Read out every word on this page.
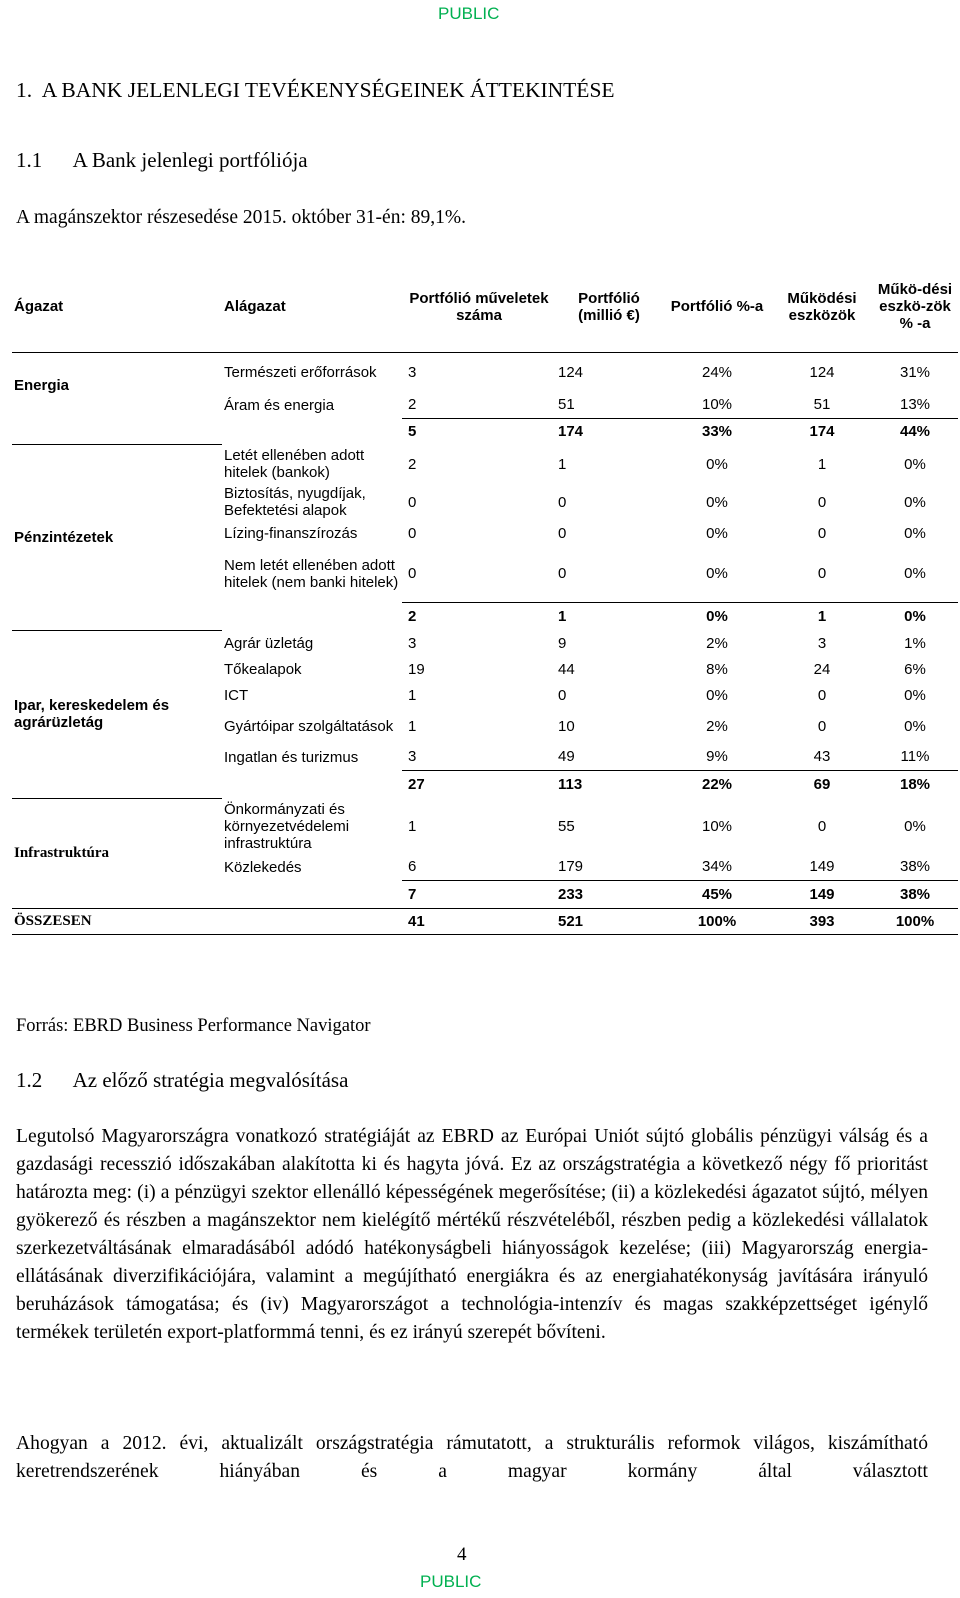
PUBLIC
1.  A BANK JELENLEGI TEVÉKENYSÉGEINEK ÁTTEKINTÉSE
1.1      A Bank jelenlegi portfóliója
A magánszektor részesedése 2015. október 31-én: 89,1%.
Ágazat	Alágazat	Portfólió műveletek száma	Portfólió (millió €)	Portfólió %-a	Működési eszközök	Műkö-dési eszkö-zök % -a
Energia	Természeti erőforrások	3	124	24%	124	31%
	Áram és energia	2	51	10%	51	13%
		5	174	33%	174	44%
Pénzintézetek	Letét ellenében adott hitelek (bankok)	2	1	0%	1	0%
	Biztosítás, nyugdíjak, Befektetési alapok	0	0	0%	0	0%
	Lízing-finanszírozás	0	0	0%	0	0%
	Nem letét ellenében adott hitelek (nem banki hitelek)	0	0	0%	0	0%
		2	1	0%	1	0%
Ipar, kereskedelem és agrárüzletág	Agrár üzletág	3	9	2%	3	1%
	Tőkealapok	19	44	8%	24	6%
	ICT	1	0	0%	0	0%
	Gyártóipar szolgáltatások	1	10	2%	0	0%
	Ingatlan és turizmus	3	49	9%	43	11%
		27	113	22%	69	18%
Infrastruktúra	Önkormányzati és környezetvédelemi infrastruktúra	1	55	10%	0	0%
	Közlekedés	6	179	34%	149	38%
		7	233	45%	149	38%
ÖSSZESEN		41	521	100%	393	100%
Forrás: EBRD Business Performance Navigator
1.2      Az előző stratégia megvalósítása
Legutolsó Magyarországra vonatkozó stratégiáját az EBRD az Európai Uniót sújtó globális pénzügyi válság és a gazdasági recesszió időszakában alakította ki és hagyta jóvá. Ez az országstratégia a következő négy fő prioritást határozta meg: (i) a pénzügyi szektor ellenálló képességének megerősítése; (ii) a közlekedési ágazatot sújtó, mélyen gyökerező és részben a magánszektor nem kielégítő mértékű részvételéből, részben pedig a közlekedési vállalatok szerkezetváltásának elmaradásából adódó hatékonyságbeli hiányosságok kezelése; (iii) Magyarország energia-ellátásának diverzifikációjára, valamint a megújítható energiákra és az energiahatékonyság javítására irányuló beruházások támogatása; és (iv) Magyarországot a technológia-intenzív és magas szakképzettséget igénylő termékek területén export-platformmá tenni, és ez irányú szerepét bővíteni.
Ahogyan a 2012. évi, aktualizált országstratégia rámutatott, a strukturális reformok világos, kiszámítható keretrendszerének hiányában és a magyar kormány által választott
4
PUBLIC
